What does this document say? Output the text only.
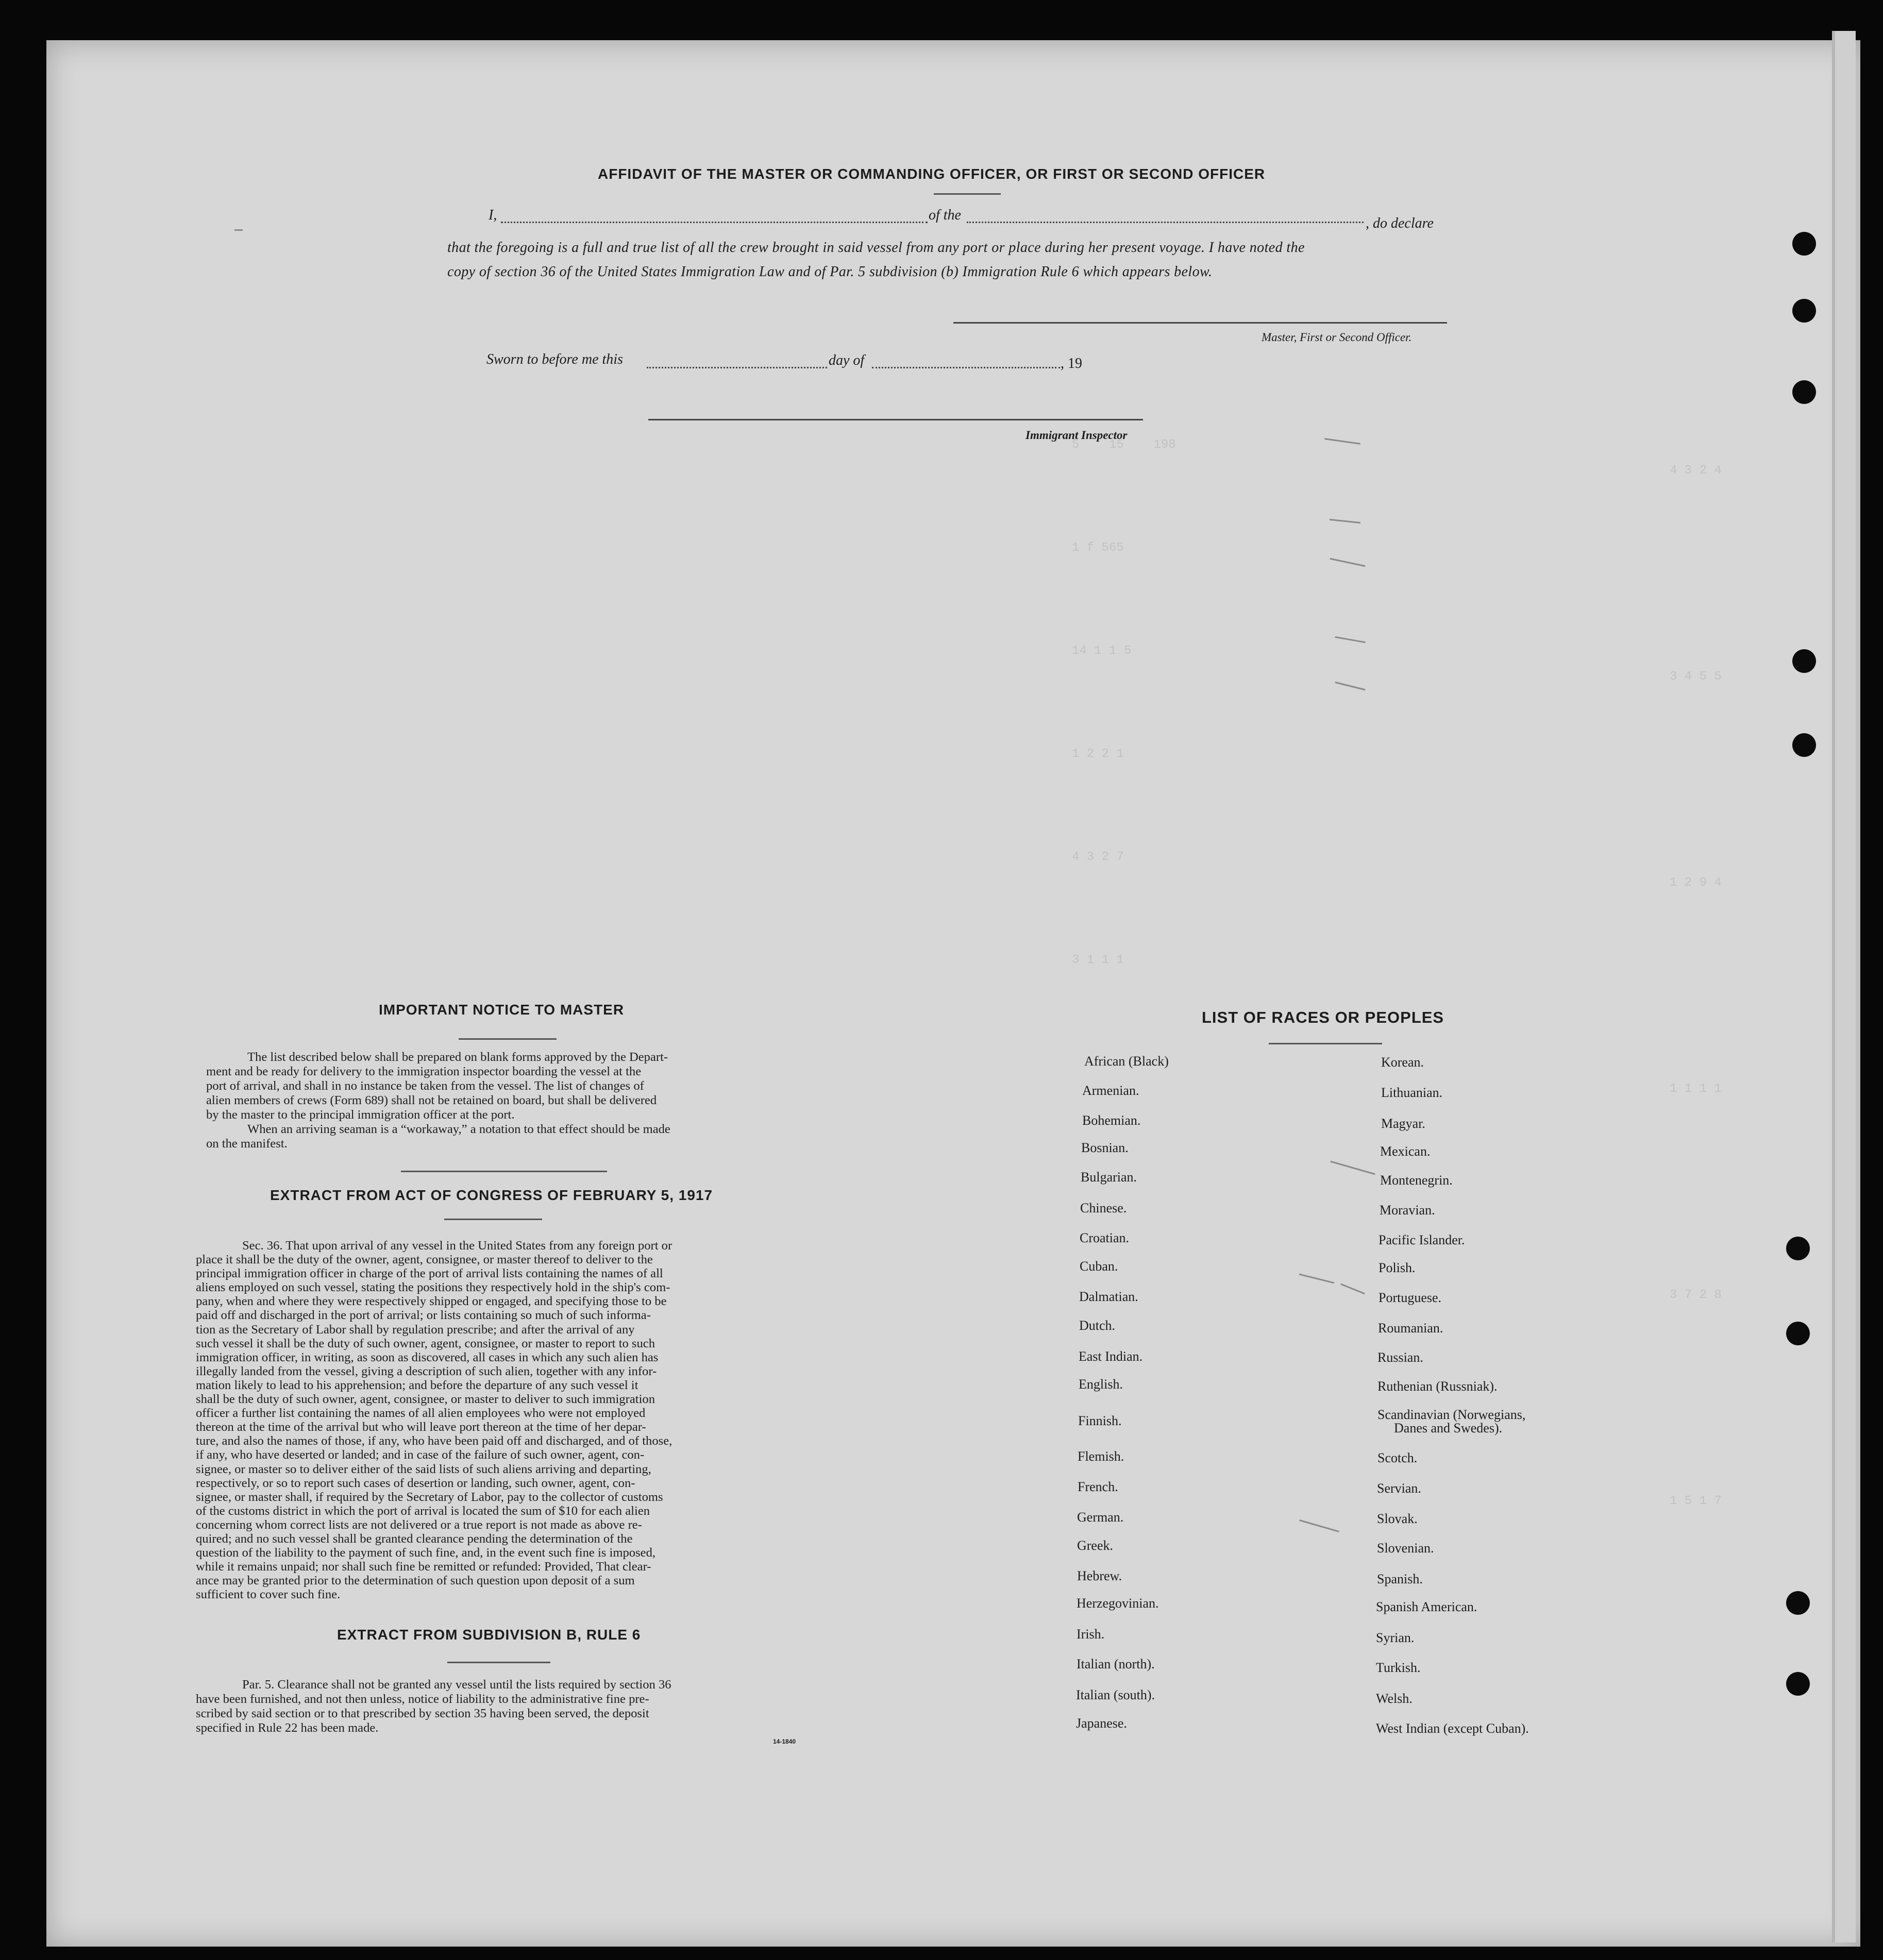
5    15    198
1 f 565
14 1 1 5
1 2 2 1
4 3 2 7
3 1 1 1
4 3 2 4
3 4 5 5
1 2 9 4
1 1 1 1
3 7 2 8
1 5 1 7
AFFIDAVIT OF THE MASTER OR COMMANDING OFFICER, OR FIRST OR SECOND OFFICER
I,	of the
, do declare
that the foregoing is a full and true list of all the crew brought in said vessel from any port or place during her present voyage. I have noted the
copy of section 36 of the United States Immigration Law and of Par. 5 subdivision (b) Immigration Rule 6 which appears below.
Master, First or Second Officer.
Sworn to before me this	day of	, 19
Immigrant Inspector
IMPORTANT NOTICE TO MASTER
The list described below shall be prepared on blank forms approved by the Depart-
ment and be ready for delivery to the immigration inspector boarding the vessel at the
port of arrival, and shall in no instance be taken from the vessel. The list of changes of
alien members of crews (Form 689) shall not be retained on board, but shall be delivered
by the master to the principal immigration officer at the port.
When an arriving seaman is a “workaway,” a notation to that effect should be made
on the manifest.
EXTRACT FROM ACT OF CONGRESS OF FEBRUARY 5, 1917
Sec. 36. That upon arrival of any vessel in the United States from any foreign port or
place it shall be the duty of the owner, agent, consignee, or master thereof to deliver to the
principal immigration officer in charge of the port of arrival lists containing the names of all
aliens employed on such vessel, stating the positions they respectively hold in the ship's com-
pany, when and where they were respectively shipped or engaged, and specifying those to be
paid off and discharged in the port of arrival; or lists containing so much of such informa-
tion as the Secretary of Labor shall by regulation prescribe; and after the arrival of any
such vessel it shall be the duty of such owner, agent, consignee, or master to report to such
immigration officer, in writing, as soon as discovered, all cases in which any such alien has
illegally landed from the vessel, giving a description of such alien, together with any infor-
mation likely to lead to his apprehension; and before the departure of any such vessel it
shall be the duty of such owner, agent, consignee, or master to deliver to such immigration
officer a further list containing the names of all alien employees who were not employed
thereon at the time of the arrival but who will leave port thereon at the time of her depar-
ture, and also the names of those, if any, who have been paid off and discharged, and of those,
if any, who have deserted or landed; and in case of the failure of such owner, agent, con-
signee, or master so to deliver either of the said lists of such aliens arriving and departing,
respectively, or so to report such cases of desertion or landing, such owner, agent, con-
signee, or master shall, if required by the Secretary of Labor, pay to the collector of customs
of the customs district in which the port of arrival is located the sum of $10 for each alien
concerning whom correct lists are not delivered or a true report is not made as above re-
quired; and no such vessel shall be granted clearance pending the determination of the
question of the liability to the payment of such fine, and, in the event such fine is imposed,
while it remains unpaid; nor shall such fine be remitted or refunded: Provided, That clear-
ance may be granted prior to the determination of such question upon deposit of a sum
sufficient to cover such fine.
EXTRACT FROM SUBDIVISION B, RULE 6
Par. 5. Clearance shall not be granted any vessel until the lists required by section 36
have been furnished, and not then unless, notice of liability to the administrative fine pre-
scribed by said section or to that prescribed by section 35 having been served, the deposit
specified in Rule 22 has been made.
14-1840
LIST OF RACES OR PEOPLES
African (Black)
Armenian.
Bohemian.
Bosnian.
Bulgarian.
Chinese.
Croatian.
Cuban.
Dalmatian.
Dutch.
East Indian.
English.
Finnish.
Flemish.
French.
German.
Greek.
Hebrew.
Herzegovinian.
Irish.
Italian (north).
Italian (south).
Japanese.
Korean.
Lithuanian.
Magyar.
Mexican.
Montenegrin.
Moravian.
Pacific Islander.
Polish.
Portuguese.
Roumanian.
Russian.
Ruthenian (Russniak).
Scandinavian (Norwegians,
Danes and Swedes).
Scotch.
Servian.
Slovak.
Slovenian.
Spanish.
Spanish American.
Syrian.
Turkish.
Welsh.
West Indian (except Cuban).
